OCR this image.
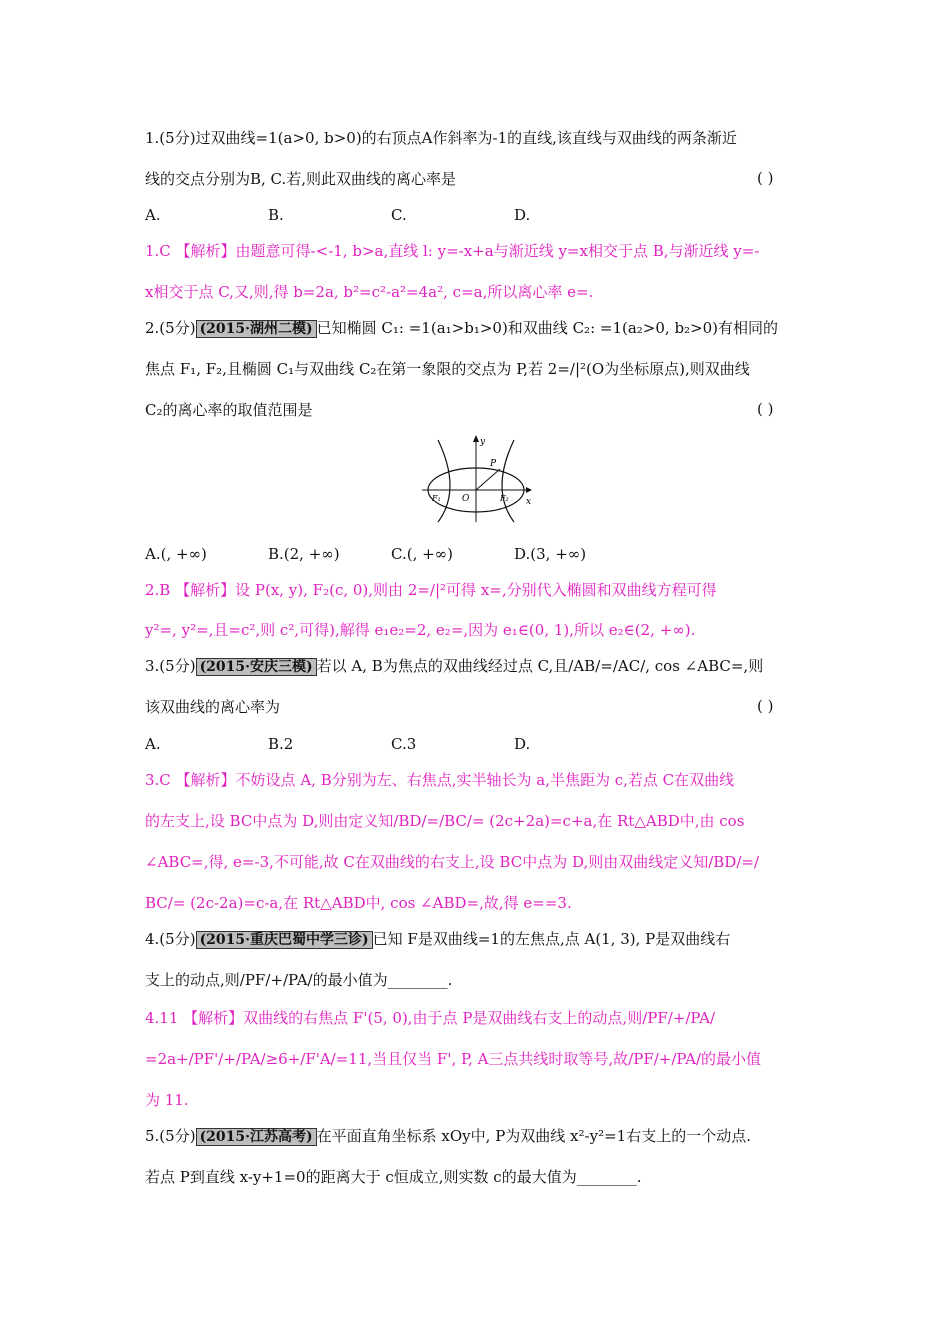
1.(5分)过双曲线=1(a>0, b>0)的右顶点A作斜率为-1的直线,该直线与双曲线的两条渐近
线的交点分别为B, C.若,则此双曲线的离心率是	( )
A.	B.	C.	D.
1.C 【解析】由题意可得-<-1, b>a,直线 l: y=-x+a与渐近线 y=x相交于点 B,与渐近线 y=-
x相交于点 C,又,则,得 b=2a, b²=c²-a²=4a², c=a,所以离心率 e=.
2.(5分) (2015·湖州二模) 已知椭圆 C₁: =1(a₁>b₁>0)和双曲线 C₂: =1(a₂>0, b₂>0)有相同的
焦点 F₁, F₂,且椭圆 C₁与双曲线 C₂在第一象限的交点为 P,若 2=/|²(O为坐标原点),则双曲线
C₂的离心率的取值范围是	( )
y
x
P
O
F₁	F₂
A.(, +∞)	B.(2, +∞)	C.(, +∞)	D.(3, +∞)
2.B 【解析】设 P(x, y), F₂(c, 0),则由 2=/|²可得 x=,分别代入椭圆和双曲线方程可得
y²=, y²=,且=c²,则 c²,可得),解得 e₁e₂=2, e₂=,因为 e₁∈(0, 1),所以 e₂∈(2, +∞).
3.(5分) (2015·安庆三模) 若以 A, B为焦点的双曲线经过点 C,且/AB/=/AC/, cos ∠ABC=,则
该双曲线的离心率为	( )
A.	B.2	C.3	D.
3.C 【解析】不妨设点 A, B分别为左、右焦点,实半轴长为 a,半焦距为 c,若点 C在双曲线
的左支上,设 BC中点为 D,则由定义知/BD/=/BC/= (2c+2a)=c+a,在 Rt△ABD中,由 cos
∠ABC=,得, e=-3,不可能,故 C在双曲线的右支上,设 BC中点为 D,则由双曲线定义知/BD/=/
BC/= (2c-2a)=c-a,在 Rt△ABD中, cos ∠ABD=,故,得 e==3.
4.(5分) (2015·重庆巴蜀中学三诊) 已知 F是双曲线=1的左焦点,点 A(1, 3), P是双曲线右
支上的动点,则/PF/+/PA/的最小值为________.
4.11 【解析】双曲线的右焦点 F'(5, 0),由于点 P是双曲线右支上的动点,则/PF/+/PA/
=2a+/PF'/+/PA/≥6+/F'A/=11,当且仅当 F', P, A三点共线时取等号,故/PF/+/PA/的最小值
为 11.
5.(5分) (2015·江苏高考) 在平面直角坐标系 xOy中, P为双曲线 x²-y²=1右支上的一个动点.
若点 P到直线 x-y+1=0的距离大于 c恒成立,则实数 c的最大值为________.
